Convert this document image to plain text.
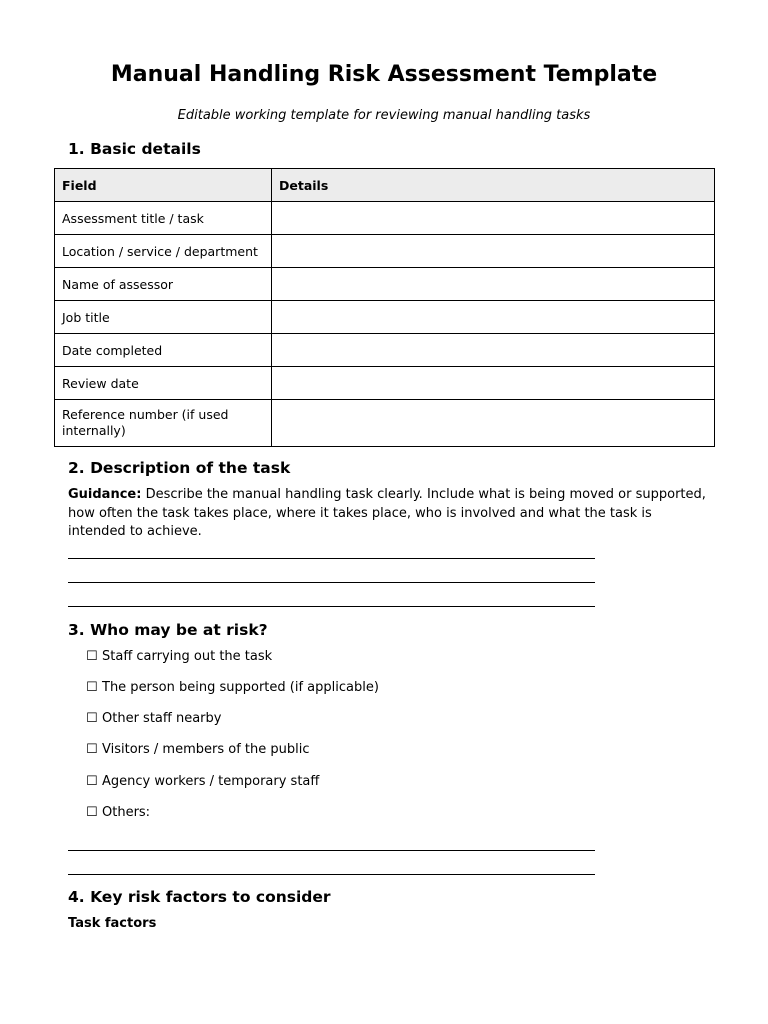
Manual Handling Risk Assessment Template

Editable working template for reviewing manual handling tasks

1. Basic details
Field	Details
Assessment title / task	
Location / service / department	
Name of assessor	
Job title	
Date completed	
Review date	
Reference number (if used internally)	
2. Description of the task

Guidance: Describe the manual handling task clearly. Include what is being moved or supported, how often the task takes place, where it takes place, who is involved and what the task is intended to achieve.

3. Who may be at risk?

☐ Staff carrying out the task

☐ The person being supported (if applicable)

☐ Other staff nearby

☐ Visitors / members of the public

☐ Agency workers / temporary staff

☐ Others:

4. Key risk factors to consider

Task factors
